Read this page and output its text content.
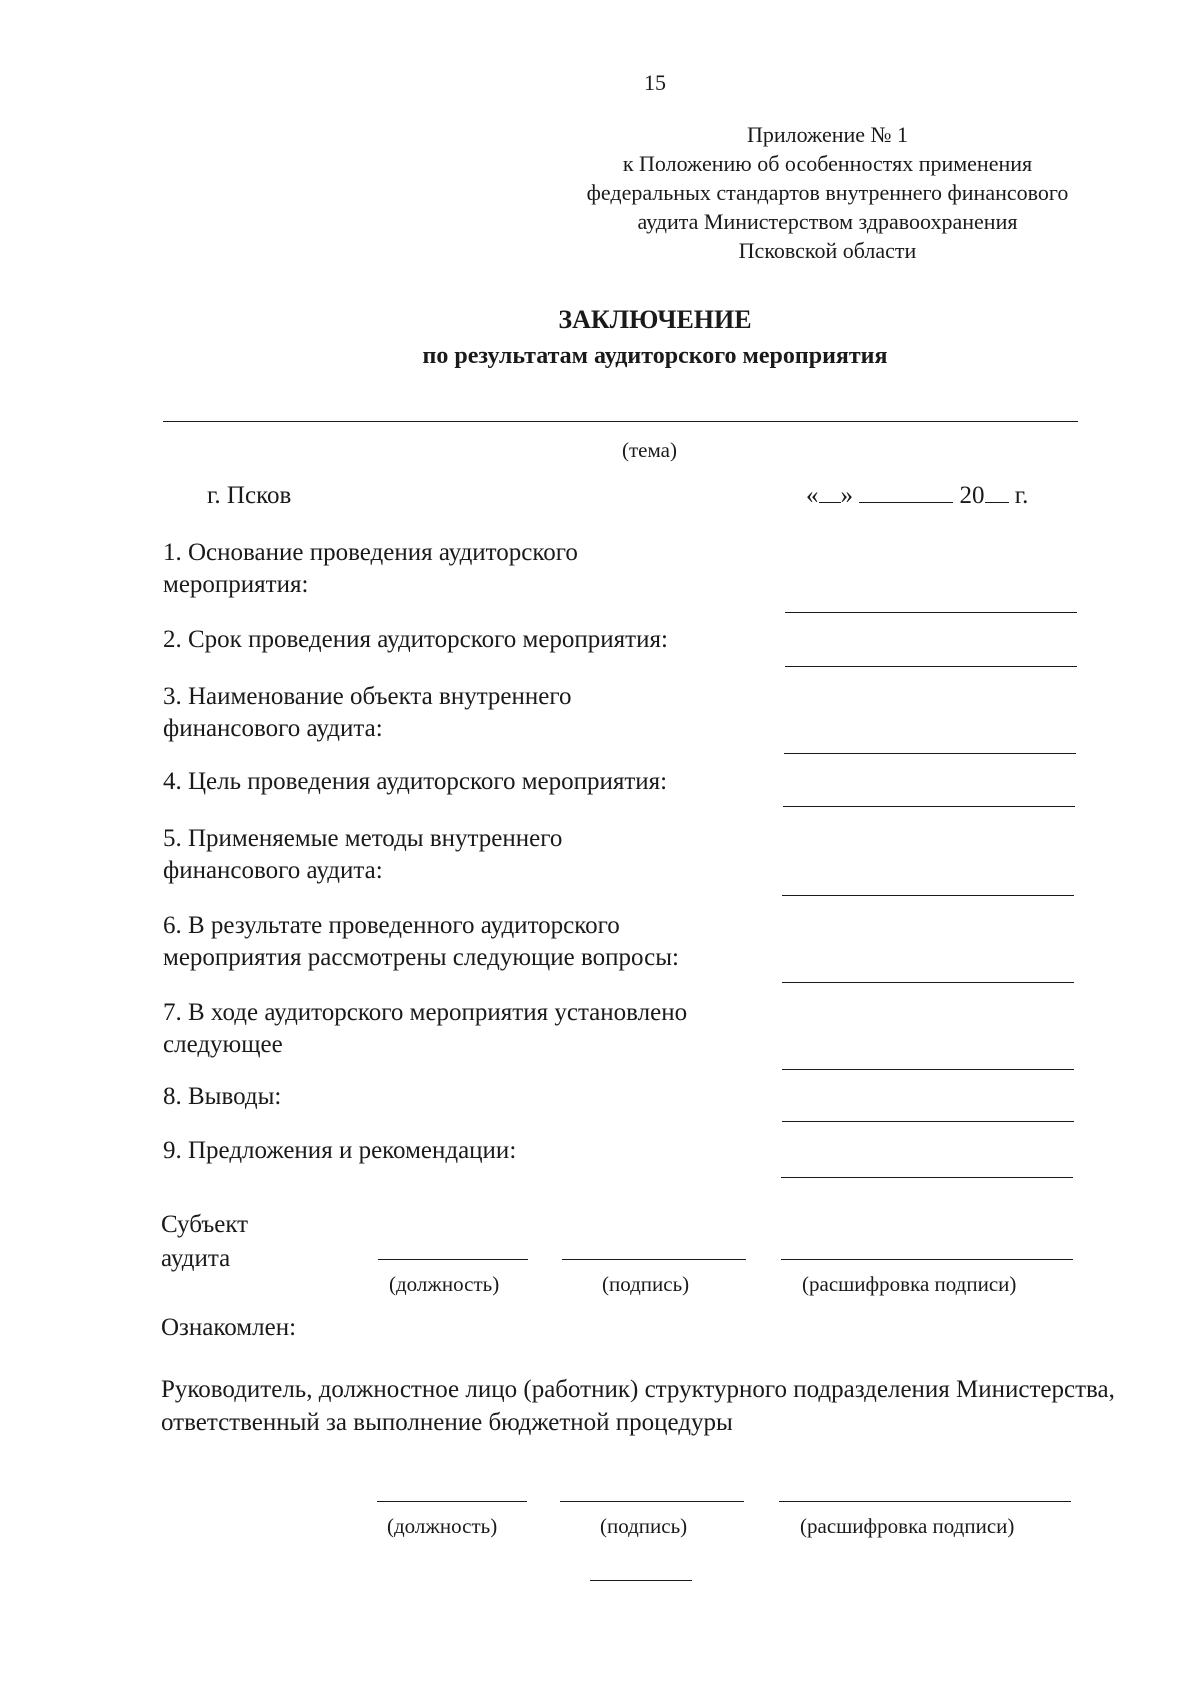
15
Приложение № 1
к Положению об особенностях применения
федеральных стандартов внутреннего финансового
аудита Министерством здравоохранения
Псковской области
ЗАКЛЮЧЕНИЕ
по результатам аудиторского мероприятия
(тема)
г. Псков	« »	20 г.
1. Основание проведения аудиторского мероприятия:
2. Срок проведения аудиторского мероприятия:
3. Наименование объекта внутреннего финансового аудита:
4. Цель проведения аудиторского мероприятия:
5. Применяемые методы внутреннего финансового аудита:
6. В результате проведенного аудиторского мероприятия рассмотрены следующие вопросы:
7. В ходе аудиторского мероприятия установлено следующее
8. Выводы:
9. Предложения и рекомендации:
Субъект
аудита
(должность)	(подпись)	(расшифровка подписи)
Ознакомлен:
Руководитель, должностное лицо (работник) структурного подразделения Министерства, ответственный за выполнение бюджетной процедуры
(должность)	(подпись)	(расшифровка подписи)
